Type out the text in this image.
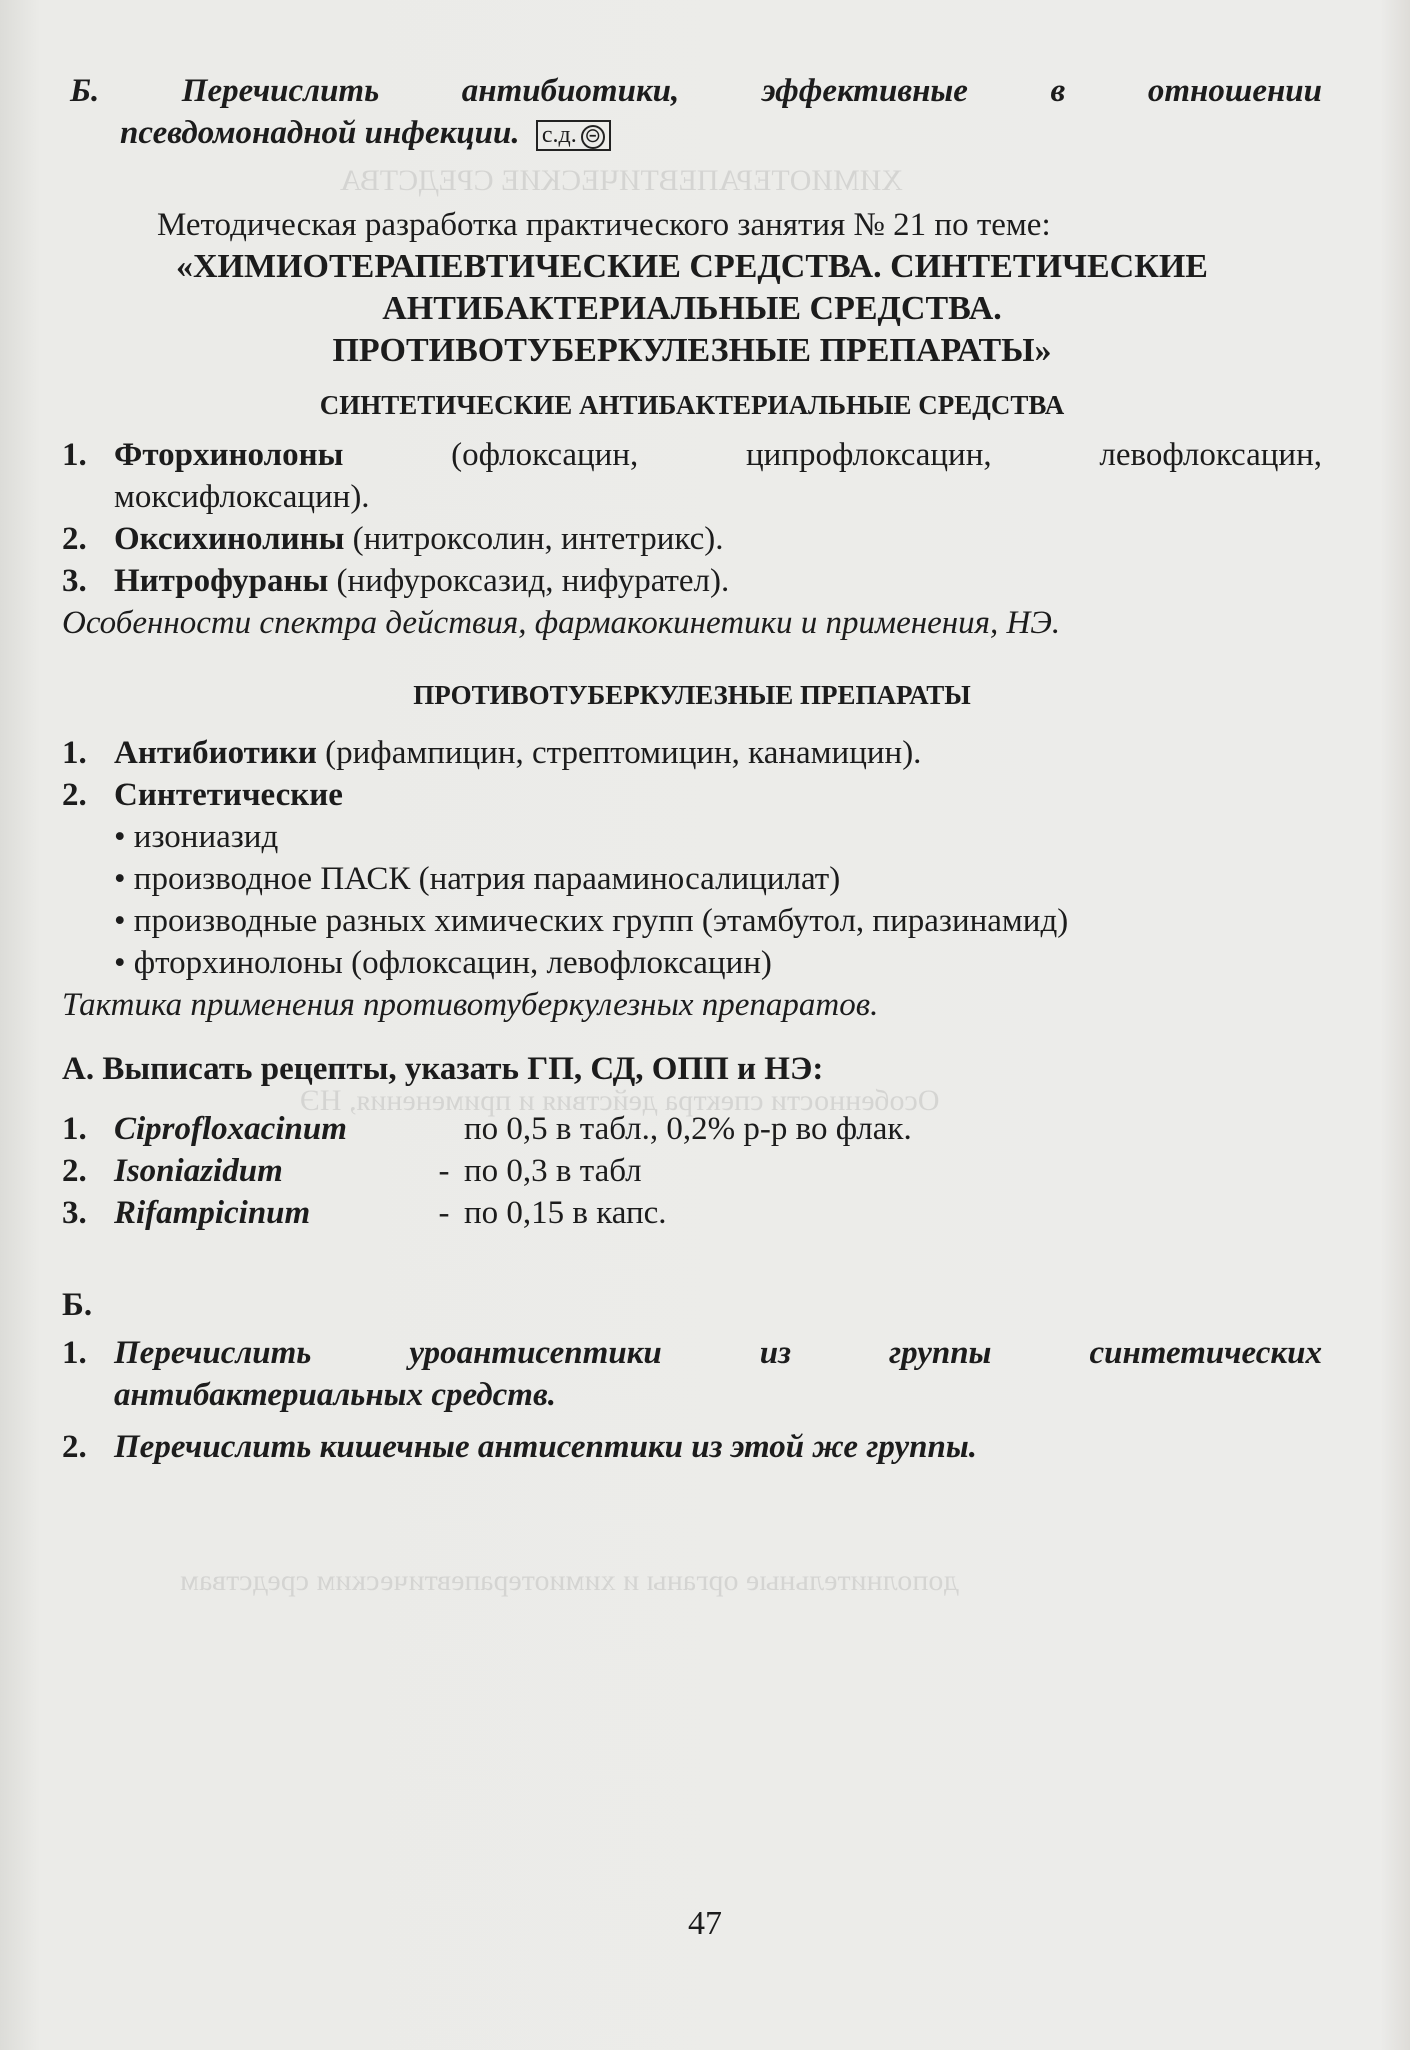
ХИМИОТЕРАПЕВТИЧЕСКИЕ СРЕДСТВА
Особенности спектра действия и применения, НЭ
дополнительные органы и химиотерапевтическим средствам
Б. Перечислить антибиотики, эффективные в отношении
псевдомонадной инфекции. с.д. ⊝
Методическая разработка практического занятия № 21 по теме:
«ХИМИОТЕРАПЕВТИЧЕСКИЕ СРЕДСТВА. СИНТЕТИЧЕСКИЕ
АНТИБАКТЕРИАЛЬНЫЕ СРЕДСТВА.
ПРОТИВОТУБЕРКУЛЕЗНЫЕ ПРЕПАРАТЫ»
СИНТЕТИЧЕСКИЕ АНТИБАКТЕРИАЛЬНЫЕ СРЕДСТВА
1. Фторхинолоны (офлоксацин, ципрофлоксацин, левофлоксацин,
моксифлоксацин).
2. Оксихинолины (нитроксолин, интетрикс).
3. Нитрофураны (нифуроксазид, нифурател).
Особенности спектра действия, фармакокинетики и применения, НЭ.
ПРОТИВОТУБЕРКУЛЕЗНЫЕ ПРЕПАРАТЫ
1. Антибиотики (рифампицин, стрептомицин, канамицин).
2. Синтетические
• изониазид
• производное ПАСК (натрия парааминосалицилат)
• производные разных химических групп (этамбутол, пиразинамид)
• фторхинолоны (офлоксацин, левофлоксацин)
Тактика применения противотуберкулезных препаратов.
А. Выписать рецепты, указать ГП, СД, ОПП и НЭ:
1. Ciprofloxacinum	по 0,5 в табл., 0,2% р-р во флак.
2. Isoniazidum	- по 0,3 в табл
3. Rifampicinum	- по 0,15 в капс.
Б.
1. Перечислить уроантисептики из группы синтетических
антибактериальных средств.
2. Перечислить кишечные антисептики из этой же группы.
47
